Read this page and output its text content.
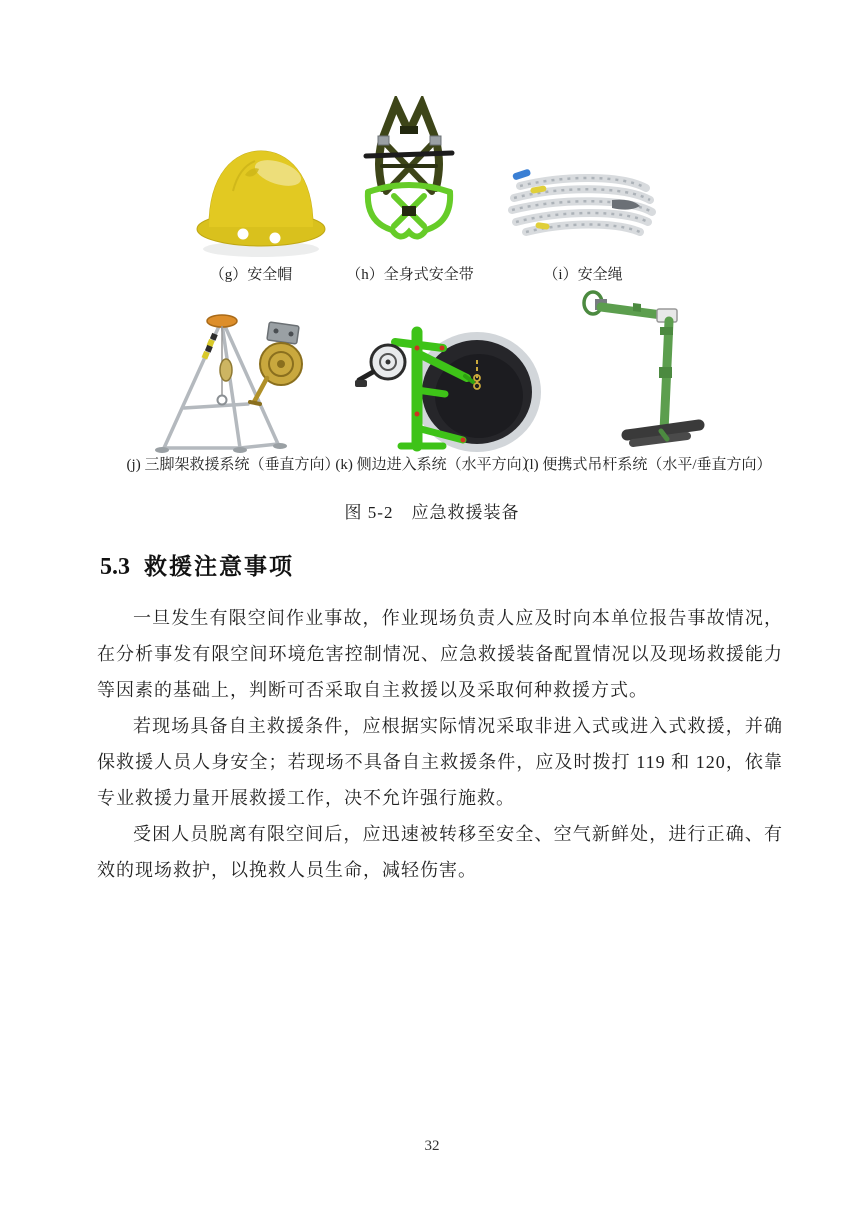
（g）安全帽	（h）全身式安全带	（i）安全绳
(j) 三脚架救援系统（垂直方向）
(k) 侧边进入系统（水平方向）
(l) 便携式吊杆系统（水平/垂直方向）
图 5-2 应急救援装备
5.3 救援注意事项

一旦发生有限空间作业事故，作业现场负责人应及时向本单位报告事故情况，在分析事发有限空间环境危害控制情况、应急救援装备配置情况以及现场救援能力等因素的基础上，判断可否采取自主救援以及采取何种救援方式。

若现场具备自主救援条件，应根据实际情况采取非进入式或进入式救援，并确保救援人员人身安全；若现场不具备自主救援条件，应及时拨打 119 和 120，依靠专业救援力量开展救援工作，决不允许强行施救。

受困人员脱离有限空间后，应迅速被转移至安全、空气新鲜处，进行正确、有效的现场救护，以挽救人员生命，减轻伤害。

32
